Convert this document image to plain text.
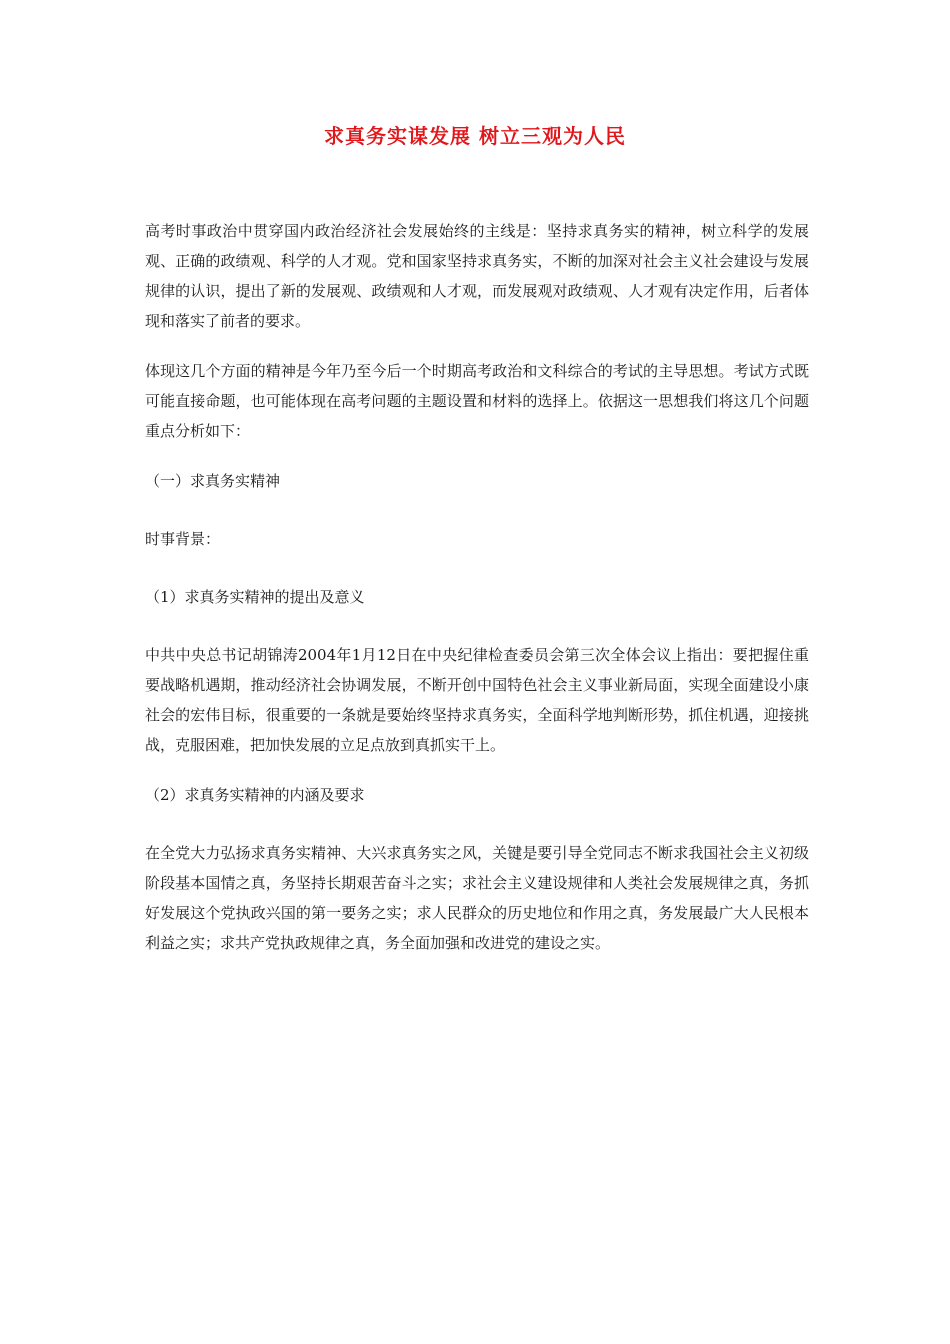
求真务实谋发展 树立三观为人民

高考时事政治中贯穿国内政治经济社会发展始终的主线是：坚持求真务实的精神，树立科学的发展观、正确的政绩观、科学的人才观。党和国家坚持求真务实，不断的加深对社会主义社会建设与发展规律的认识，提出了新的发展观、政绩观和人才观，而发展观对政绩观、人才观有决定作用，后者体现和落实了前者的要求。

体现这几个方面的精神是今年乃至今后一个时期高考政治和文科综合的考试的主导思想。考试方式既可能直接命题，也可能体现在高考问题的主题设置和材料的选择上。依据这一思想我们将这几个问题重点分析如下：

（一）求真务实精神

时事背景：

（1）求真务实精神的提出及意义

中共中央总书记胡锦涛2004年1月12日在中央纪律检查委员会第三次全体会议上指出：要把握住重要战略机遇期，推动经济社会协调发展，不断开创中国特色社会主义事业新局面，实现全面建设小康社会的宏伟目标，很重要的一条就是要始终坚持求真务实，全面科学地判断形势，抓住机遇，迎接挑战，克服困难，把加快发展的立足点放到真抓实干上。

（2）求真务实精神的内涵及要求

在全党大力弘扬求真务实精神、大兴求真务实之风，关键是要引导全党同志不断求我国社会主义初级阶段基本国情之真，务坚持长期艰苦奋斗之实；求社会主义建设规律和人类社会发展规律之真，务抓好发展这个党执政兴国的第一要务之实；求人民群众的历史地位和作用之真，务发展最广大人民根本利益之实；求共产党执政规律之真，务全面加强和改进党的建设之实。
